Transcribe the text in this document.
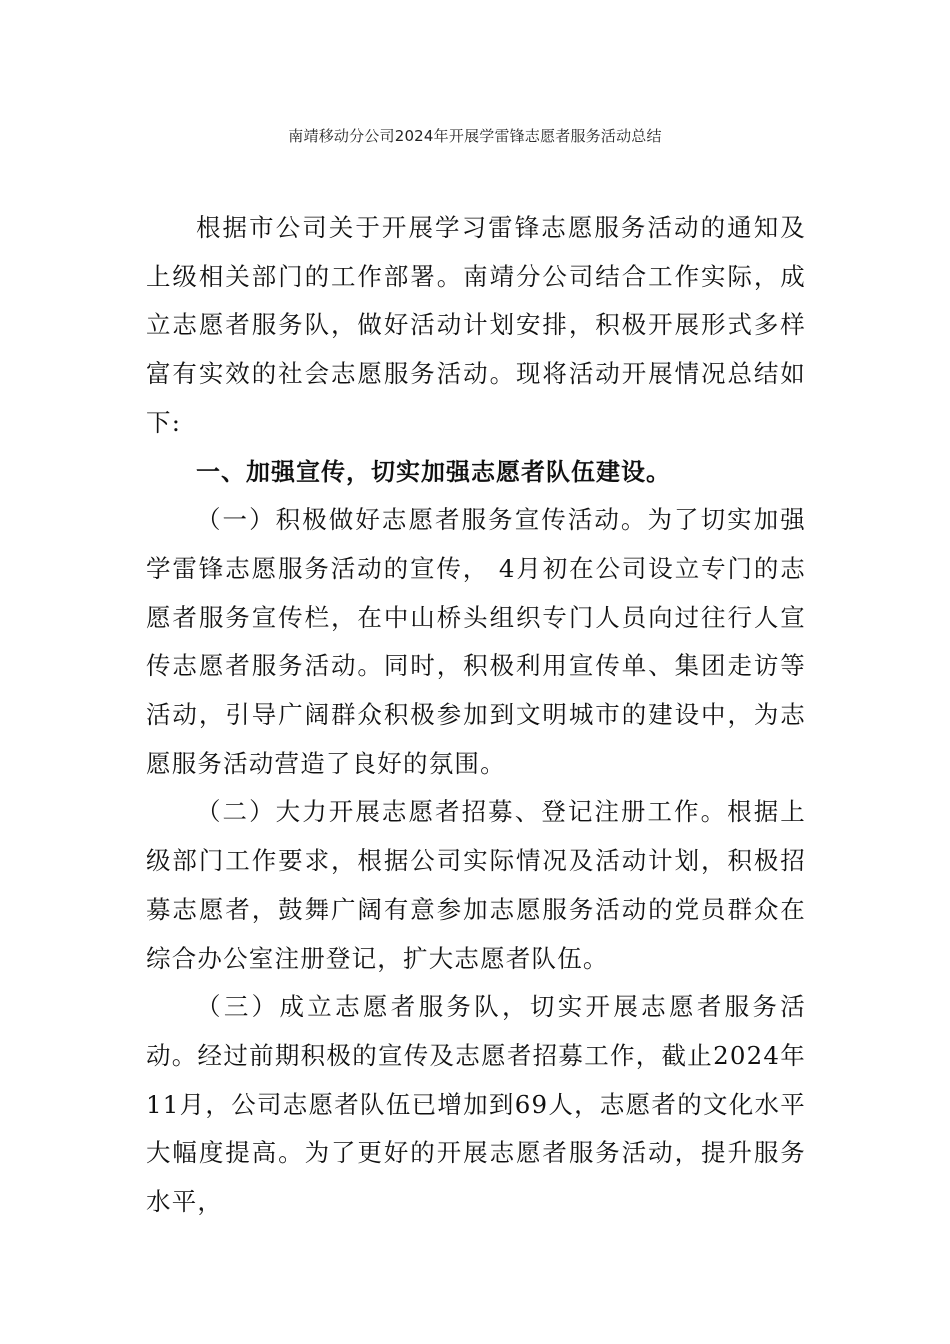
南靖移动分公司2024年开展学雷锋志愿者服务活动总结

根据市公司关于开展学习雷锋志愿服务活动的通知及上级相关部门的工作部署。南靖分公司结合工作实际，成立志愿者服务队，做好活动计划安排，积极开展形式多样富有实效的社会志愿服务活动。现将活动开展情况总结如下:

一、加强宣传，切实加强志愿者队伍建设。

（一）积极做好志愿者服务宣传活动。为了切实加强学雷锋志愿服务活动的宣传， 4月初在公司设立专门的志愿者服务宣传栏，在中山桥头组织专门人员向过往行人宣传志愿者服务活动。同时，积极利用宣传单、集团走访等活动，引导广阔群众积极参加到文明城市的建设中，为志愿服务活动营造了良好的氛围。

（二）大力开展志愿者招募、登记注册工作。根据上级部门工作要求，根据公司实际情况及活动计划，积极招募志愿者，鼓舞广阔有意参加志愿服务活动的党员群众在综合办公室注册登记，扩大志愿者队伍。

（三）成立志愿者服务队，切实开展志愿者服务活动。经过前期积极的宣传及志愿者招募工作，截止2024年11月，公司志愿者队伍已增加到69人，志愿者的文化水平大幅度提高。为了更好的开展志愿者服务活动，提升服务水平，
